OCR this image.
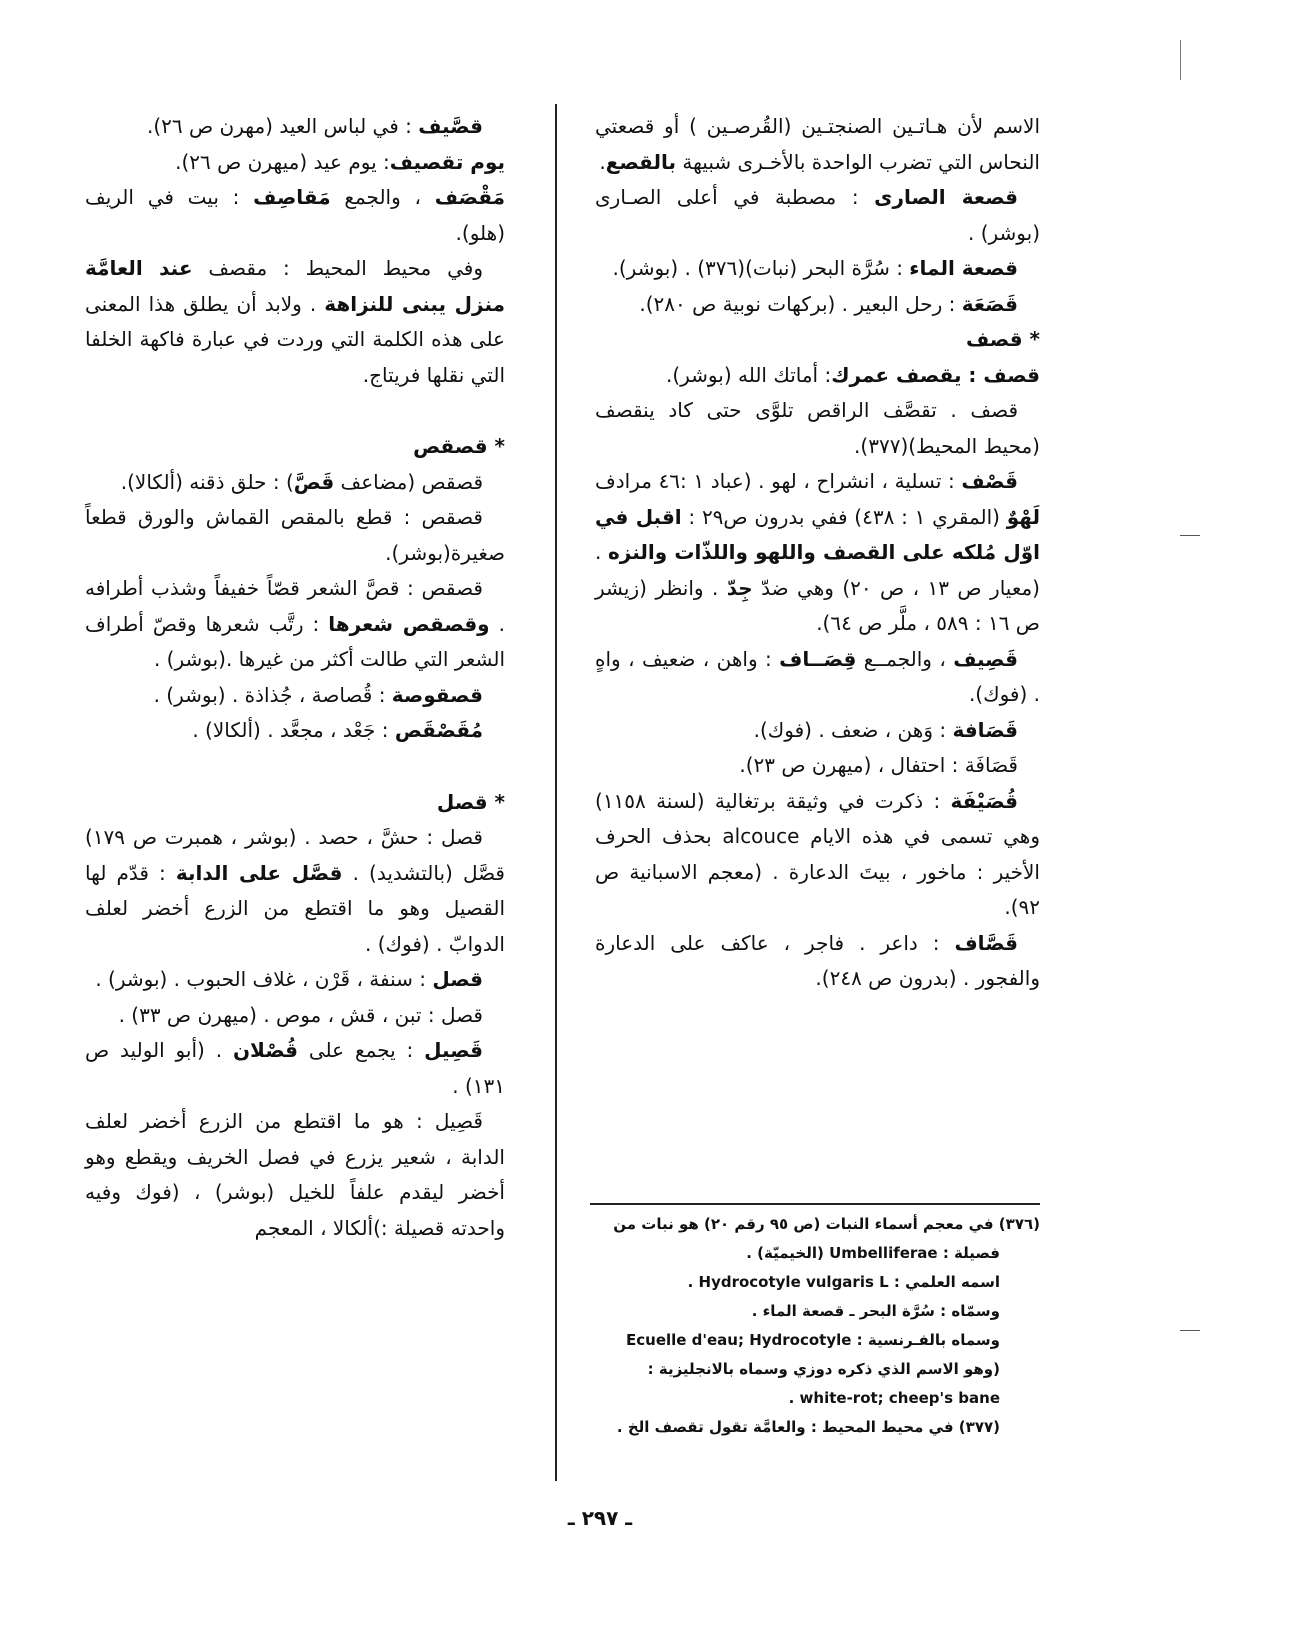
الاسم لأن هـاتـين الصنجتـين (القُرصـين ) أو قصعتي النحاس التي تضرب الواحدة بالأخـرى شبيهة بالقصع.

قصعة الصارى : مصطبة في أعلى الصـارى (بوشر) .

قصعة الماء : سُرَّة البحر (نبات)(٣٧٦) . (بوشر).

قَصَعَة : رحل البعير . (بركهات نوبية ص ٢٨٠).

* قصف

قصف : يقصف عمرك: أماتك الله (بوشر).

قصف . تقصَّف الراقص تلوَّى حتى كاد ينقصف (محيط المحيط)(٣٧٧).

قَصْف : تسلية ، انشراح ، لهو . (عباد ١ :٤٦ مرادف لَهْوٌ (المقري ١ : ٤٣٨) ففي بدرون ص٢٩ : اقبل في اوّل مُلكه على القصف واللهو واللذّات والنزه . (معيار ص ١٣ ، ص ٢٠) وهي ضدّ جِدّ . وانظر (زيشر ص ١٦ : ٥٨٩ ، ملَّر ص ٦٤).

قَصِيف ، والجمــع قِصَــاف : واهن ، ضعيف ، واهٍ . (فوك).

قَصَافة : وَهن ، ضعف . (فوك).

قَصَافَة : احتفال ، (ميهرن ص ٢٣).

قُصَيْفَة : ذكرت في وثيقة برتغالية (لسنة ١١٥٨) وهي تسمى في هذه الايام alcouce بحذف الحرف الأخير : ماخور ، بيتَ الدعارة . (معجم الاسبانية ص ٩٢).

قَصَّاف : داعر . فاجر ، عاكف على الدعارة والفجور . (بدرون ص ٢٤٨).

قصَّيف : في لباس العيد (مهرن ص ٢٦).

يوم تقصيف: يوم عيد (ميهرن ص ٢٦).

مَقْصَف ، والجمع مَقاصِف : بيت في الريف (هلو).

وفي محيط المحيط : مقصف عند العامَّة منزل يبنى للنزاهة . ولابد أن يطلق هذا المعنى على هذه الكلمة التي وردت في عبارة فاكهة الخلفا التي نقلها فريتاج.

* قصقص

قصقص (مضاعف قَصَّ) : حلق ذقنه (ألكالا).

قصقص : قطع بالمقص القماش والورق قطعاً صغيرة(بوشر).

قصقص : قصَّ الشعر قصّاً خفيفاً وشذب أطرافه . وقصقص شعرها : رتَّب شعرها وقصّ أطراف الشعر التي طالت أكثر من غيرها .(بوشر) .

قصقوصة : قُصاصة ، جُذاذة . (بوشر) .

مُقَصْقَص : جَعْد ، مجعَّد . (ألكالا) .

* قصل

قصل : حشَّ ، حصد . (بوشر ، همبرت ص ١٧٩) قصَّل (بالتشديد) . قصَّل على الدابة : قدّم لها القصيل وهو ما اقتطع من الزرع أخضر لعلف الدوابّ . (فوك) .

قصل : سنفة ، قَرْن ، غلاف الحبوب . (بوشر) .

قصل : تبن ، قش ، موص . (ميهرن ص ٣٣) .

قَصِيل : يجمع على قُصْلان . (أبو الوليد ص ١٣١) .

قَصِيل : هو ما اقتطع من الزرع أخضر لعلف الدابة ، شعير يزرع في فصل الخريف ويقطع وهو أخضر ليقدم علفاً للخيل (بوشر) ، (فوك وفيه واحدته قصيلة :)ألكالا ، المعجم	(٣٧٦) في معجم أسماء النبات (ص ٩٥ رقم ٢٠) هو نبات من

فصيلة : Umbelliferae (الخيميّة) .

اسمه العلمي : Hydrocotyle vulgaris L .

وسمّاه : سُرَّة البحر ـ قصعة الماء .

وسماه بالفـرنسية : Ecuelle d'eau; Hydrocotyle

(وهو الاسم الذي ذكره دوزي وسماه بالانجليزية : white-rot; cheep's bane .

(٣٧٧) في محيط المحيط : والعامَّة تقول تقصف الخ .

ـ ٢٩٧ ـ
